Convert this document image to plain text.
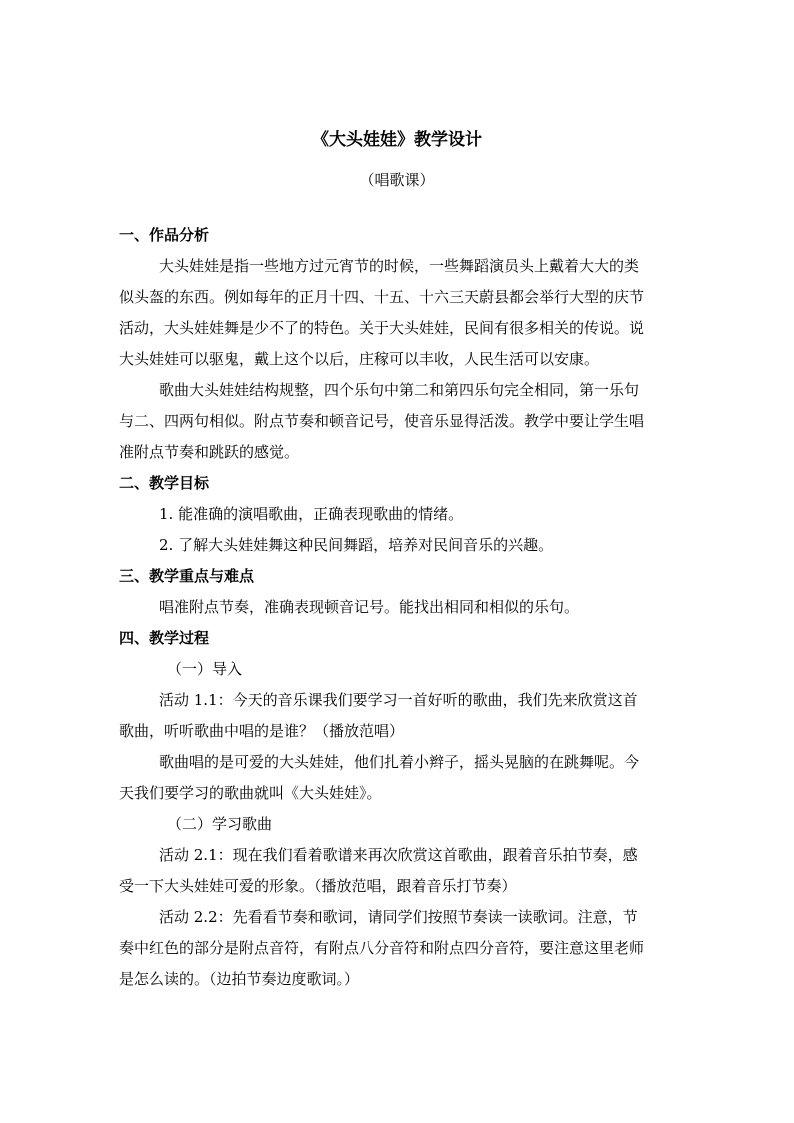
《大头娃娃》教学设计
（唱歌课）
一、作品分析
大头娃娃是指一些地方过元宵节的时候，一些舞蹈演员头上戴着大大的类
似头盔的东西。例如每年的正月十四、十五、十六三天蔚县都会举行大型的庆节
活动，大头娃娃舞是少不了的特色。关于大头娃娃，民间有很多相关的传说。说
大头娃娃可以驱鬼，戴上这个以后，庄稼可以丰收，人民生活可以安康。
歌曲大头娃娃结构规整，四个乐句中第二和第四乐句完全相同，第一乐句
与二、四两句相似。附点节奏和顿音记号，使音乐显得活泼。教学中要让学生唱
准附点节奏和跳跃的感觉。
二、教学目标
1. 能准确的演唱歌曲，正确表现歌曲的情绪。
2. 了解大头娃娃舞这种民间舞蹈，培养对民间音乐的兴趣。
三、教学重点与难点
唱准附点节奏，准确表现顿音记号。能找出相同和相似的乐句。
四、教学过程
（一）导入
活动 1.1：今天的音乐课我们要学习一首好听的歌曲，我们先来欣赏这首
歌曲，听听歌曲中唱的是谁？（播放范唱）
歌曲唱的是可爱的大头娃娃，他们扎着小辫子，摇头晃脑的在跳舞呢。今
天我们要学习的歌曲就叫《大头娃娃》。
（二）学习歌曲
活动 2.1：现在我们看着歌谱来再次欣赏这首歌曲，跟着音乐拍节奏，感
受一下大头娃娃可爱的形象。（播放范唱，跟着音乐打节奏）
活动 2.2：先看看节奏和歌词，请同学们按照节奏读一读歌词。注意，节
奏中红色的部分是附点音符，有附点八分音符和附点四分音符，要注意这里老师
是怎么读的。（边拍节奏边度歌词。）
